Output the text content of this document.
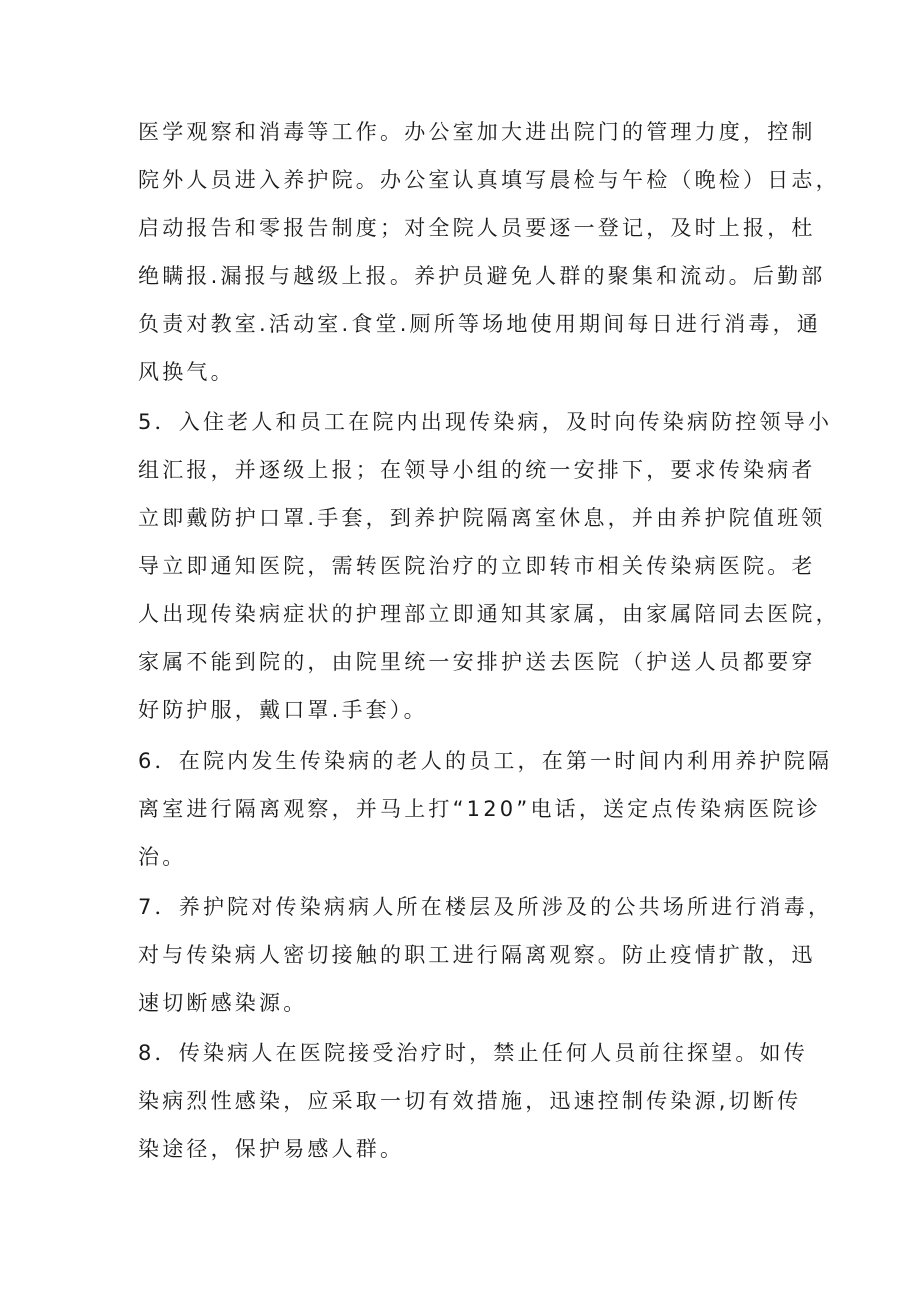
医学观察和消毒等工作。办公室加大进出院门的管理力度，控制
院外人员进入养护院。办公室认真填写晨检与午检（晚检）日志，
启动报告和零报告制度；对全院人员要逐一登记，及时上报，杜
绝瞒报.漏报与越级上报。养护员避免人群的聚集和流动。后勤部
负责对教室.活动室.食堂.厕所等场地使用期间每日进行消毒，通
风换气。
5．入住老人和员工在院内出现传染病，及时向传染病防控领导小
组汇报，并逐级上报；在领导小组的统一安排下，要求传染病者
立即戴防护口罩.手套，到养护院隔离室休息，并由养护院值班领
导立即通知医院，需转医院治疗的立即转市相关传染病医院。老
人出现传染病症状的护理部立即通知其家属，由家属陪同去医院，
家属不能到院的，由院里统一安排护送去医院（护送人员都要穿
好防护服，戴口罩.手套）。
6．在院内发生传染病的老人的员工，在第一时间内利用养护院隔
离室进行隔离观察，并马上打“120”电话，送定点传染病医院诊
治。
7．养护院对传染病病人所在楼层及所涉及的公共场所进行消毒，
对与传染病人密切接触的职工进行隔离观察。防止疫情扩散，迅
速切断感染源。
8．传染病人在医院接受治疗时，禁止任何人员前往探望。如传
染病烈性感染，应采取一切有效措施，迅速控制传染源,切断传
染途径，保护易感人群。
